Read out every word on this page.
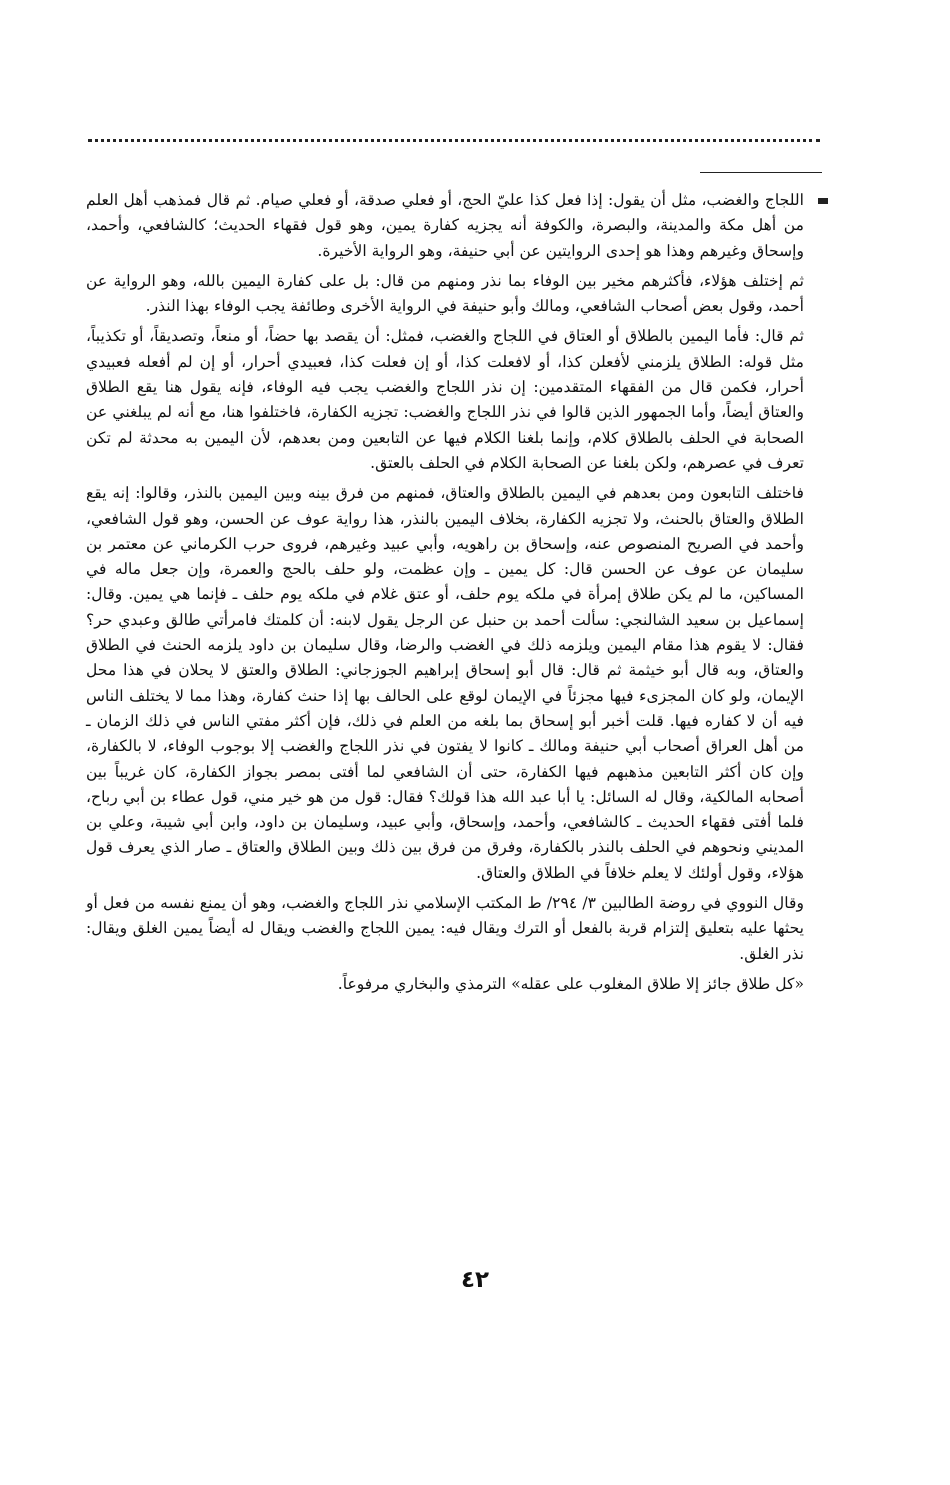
اللجاج والغضب، مثل أن يقول: إذا فعل كذا عليّ الحج، أو فعلي صدقة، أو فعلي صيام. ثم قال فمذهب أهل العلم من أهل مكة والمدينة، والبصرة، والكوفة أنه يجزيه كفارة يمين، وهو قول فقهاء الحديث؛ كالشافعي، وأحمد، وإسحاق وغيرهم وهذا هو إحدى الروايتين عن أبي حنيفة، وهو الرواية الأخيرة.

ثم إختلف هؤلاء، فأكثرهم مخير بين الوفاء بما نذر ومنهم من قال: بل على كفارة اليمين بالله، وهو الرواية عن أحمد، وقول بعض أصحاب الشافعي، ومالك وأبو حنيفة في الرواية الأخرى وطائفة يجب الوفاء بهذا النذر.

ثم قال: فأما اليمين بالطلاق أو العتاق في اللجاج والغضب، فمثل: أن يقصد بها حضاً، أو منعاً، وتصديقاً، أو تكذيباً، مثل قوله: الطلاق يلزمني لأفعلن كذا، أو لافعلت كذا، أو إن فعلت كذا، فعبيدي أحرار، أو إن لم أفعله فعبيدي أحرار، فكمن قال من الفقهاء المتقدمين: إن نذر اللجاج والغضب يجب فيه الوفاء، فإنه يقول هنا يقع الطلاق والعتاق أيضاً، وأما الجمهور الذين قالوا في نذر اللجاج والغضب: تجزيه الكفارة، فاختلفوا هنا، مع أنه لم يبلغني عن الصحابة في الحلف بالطلاق كلام، وإنما بلغنا الكلام فيها عن التابعين ومن بعدهم، لأن اليمين به محدثة لم تكن تعرف في عصرهم، ولكن بلغنا عن الصحابة الكلام في الحلف بالعتق.

فاختلف التابعون ومن بعدهم في اليمين بالطلاق والعتاق، فمنهم من فرق بينه وبين اليمين بالنذر، وقالوا: إنه يقع الطلاق والعتاق بالحنث، ولا تجزيه الكفارة، بخلاف اليمين بالنذر، هذا رواية عوف عن الحسن، وهو قول الشافعي، وأحمد في الصريح المنصوص عنه، وإسحاق بن راهويه، وأبي عبيد وغيرهم، فروى حرب الكرماني عن معتمر بن سليمان عن عوف عن الحسن قال: كل يمين ـ وإن عظمت، ولو حلف بالحج والعمرة، وإن جعل ماله في المساكين، ما لم يكن طلاق إمرأة في ملكه يوم حلف، أو عتق غلام في ملكه يوم حلف ـ فإنما هي يمين. وقال: إسماعيل بن سعيد الشالنجي: سألت أحمد بن حنبل عن الرجل يقول لابنه: أن كلمتك فامرأتي طالق وعبدي حر؟ فقال: لا يقوم هذا مقام اليمين ويلزمه ذلك في الغضب والرضا، وقال سليمان بن داود يلزمه الحنث في الطلاق والعتاق، وبه قال أبو خيثمة ثم قال: قال أبو إسحاق إبراهيم الجوزجاني: الطلاق والعتق لا يحلان في هذا محل الإيمان، ولو كان المجزىء فيها مجزئاً في الإيمان لوقع على الحالف بها إذا حنث كفارة، وهذا مما لا يختلف الناس فيه أن لا كفاره فيها. قلت أخبر أبو إسحاق بما بلغه من العلم في ذلك، فإن أكثر مفتي الناس في ذلك الزمان ـ من أهل العراق أصحاب أبي حنيفة ومالك ـ كانوا لا يفتون في نذر اللجاج والغضب إلا بوجوب الوفاء، لا بالكفارة، وإن كان أكثر التابعين مذهبهم فيها الكفارة، حتى أن الشافعي لما أفتى بمصر بجواز الكفارة، كان غريباً بين أصحابه المالكية، وقال له السائل: يا أبا عبد الله هذا قولك؟ فقال: قول من هو خير مني، قول عطاء بن أبي رباح، فلما أفتى فقهاء الحديث ـ كالشافعي، وأحمد، وإسحاق، وأبي عبيد، وسليمان بن داود، وابن أبي شيبة، وعلي بن المديني ونحوهم في الحلف بالنذر بالكفارة، وفرق من فرق بين ذلك وبين الطلاق والعتاق ـ صار الذي يعرف قول هؤلاء، وقول أولئك لا يعلم خلافاً في الطلاق والعتاق.

وقال النووي في روضة الطالبين ٣/ ٢٩٤/ ط المكتب الإسلامي نذر اللجاج والغضب، وهو أن يمنع نفسه من فعل أو يحثها عليه بتعليق إلتزام قربة بالفعل أو الترك ويقال فيه: يمين اللجاج والغضب ويقال له أيضاً يمين الغلق ويقال: نذر الغلق.

«كل طلاق جائز إلا طلاق المغلوب على عقله» الترمذي والبخاري مرفوعاً.

٤٢
